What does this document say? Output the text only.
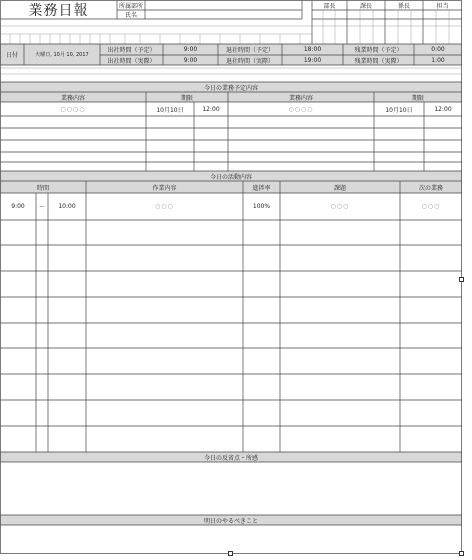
業務日報	所属部所
氏名
部長	課長	係長	担当
日付	火曜日, 10月 10, 2017
出社時間（予定）	9:00
出社時間（実際）	9:00
退社時間（予定）	18:00
退社時間（実際）	19:00
残業時間（予定）	0:00
残業時間（実際）	1:00
今日の業務予定内容
業務内容	期限	業務内容	期限
○○○○	10月10日	12:00	○○○○	10月10日	12:00
今日の活動内容
時間	作業内容	進捗率	課題	次の業務
9:00	～	10:00	○○○	100%	○○○	○○○
今日の反省点・所感
明日のやるべきこと
